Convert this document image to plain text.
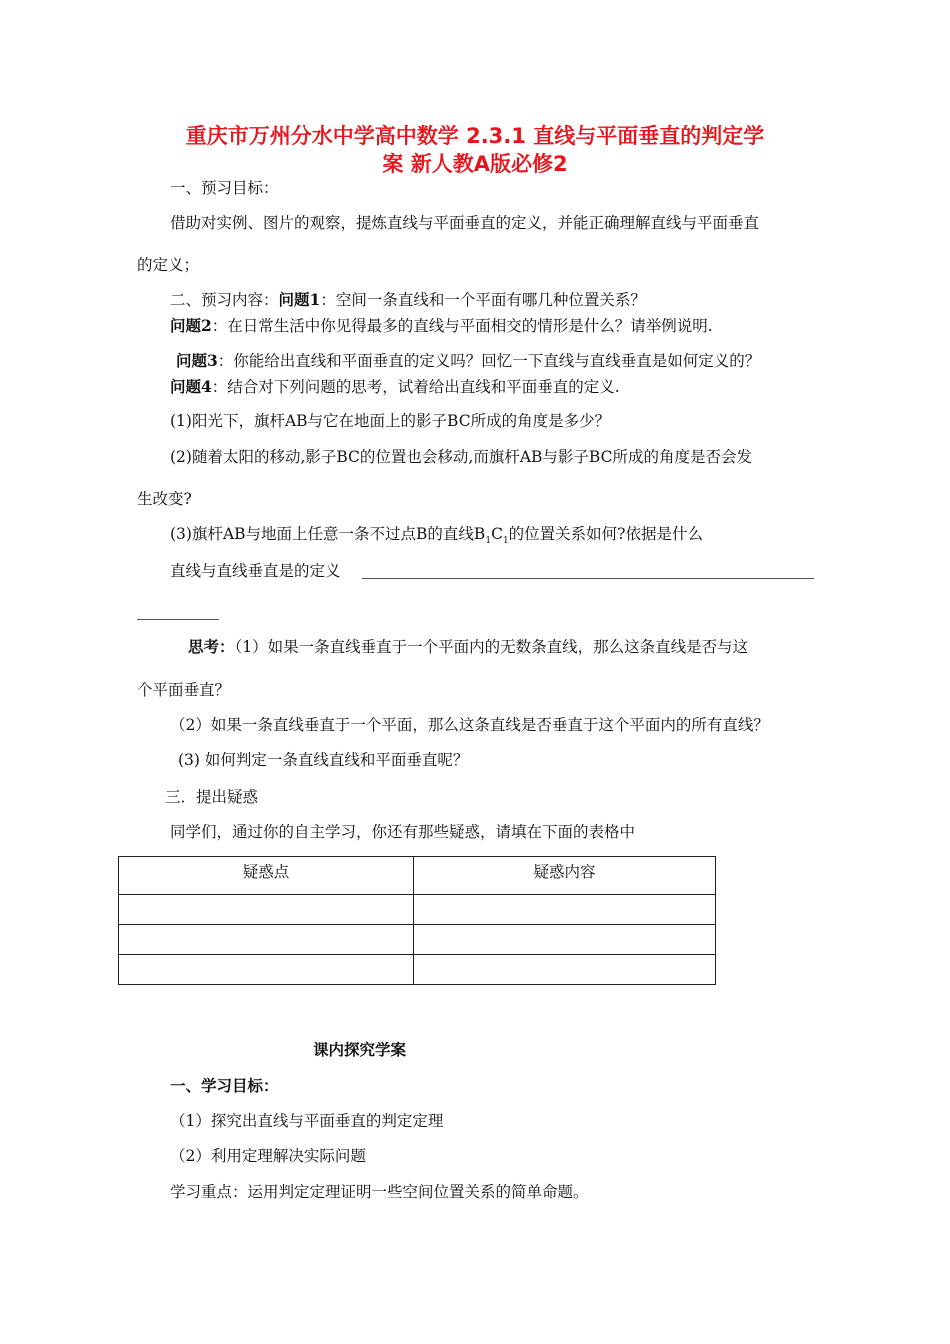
重庆市万州分水中学高中数学 2.3.1 直线与平面垂直的判定学
案 新人教A版必修2
一、预习目标：
借助对实例、图片的观察，提炼直线与平面垂直的定义，并能正确理解直线与平面垂直
的定义；
二、预习内容：问题1：空间一条直线和一个平面有哪几种位置关系？
问题2：在日常生活中你见得最多的直线与平面相交的情形是什么？请举例说明.
问题3：你能给出直线和平面垂直的定义吗？回忆一下直线与直线垂直是如何定义的？
问题4：结合对下列问题的思考，试着给出直线和平面垂直的定义.
(1)阳光下，旗杆AB与它在地面上的影子BC所成的角度是多少？
(2)随着太阳的移动,影子BC的位置也会移动,而旗杆AB与影子BC所成的角度是否会发
生改变?
(3)旗杆AB与地面上任意一条不过点B的直线$B_1C_1$的位置关系如何?依据是什么
直线与直线垂直是的定义
思考：（1）如果一条直线垂直于一个平面内的无数条直线，那么这条直线是否与这
个平面垂直？
（2）如果一条直线垂直于一个平面，那么这条直线是否垂直于这个平面内的所有直线？
(3) 如何判定一条直线直线和平面垂直呢？
三．提出疑惑
同学们，通过你的自主学习，你还有那些疑惑，请填在下面的表格中
疑惑点	疑惑内容

课内探究学案
一、学习目标：
（1）探究出直线与平面垂直的判定定理
（2）利用定理解决实际问题
学习重点：运用判定定理证明一些空间位置关系的简单命题。
